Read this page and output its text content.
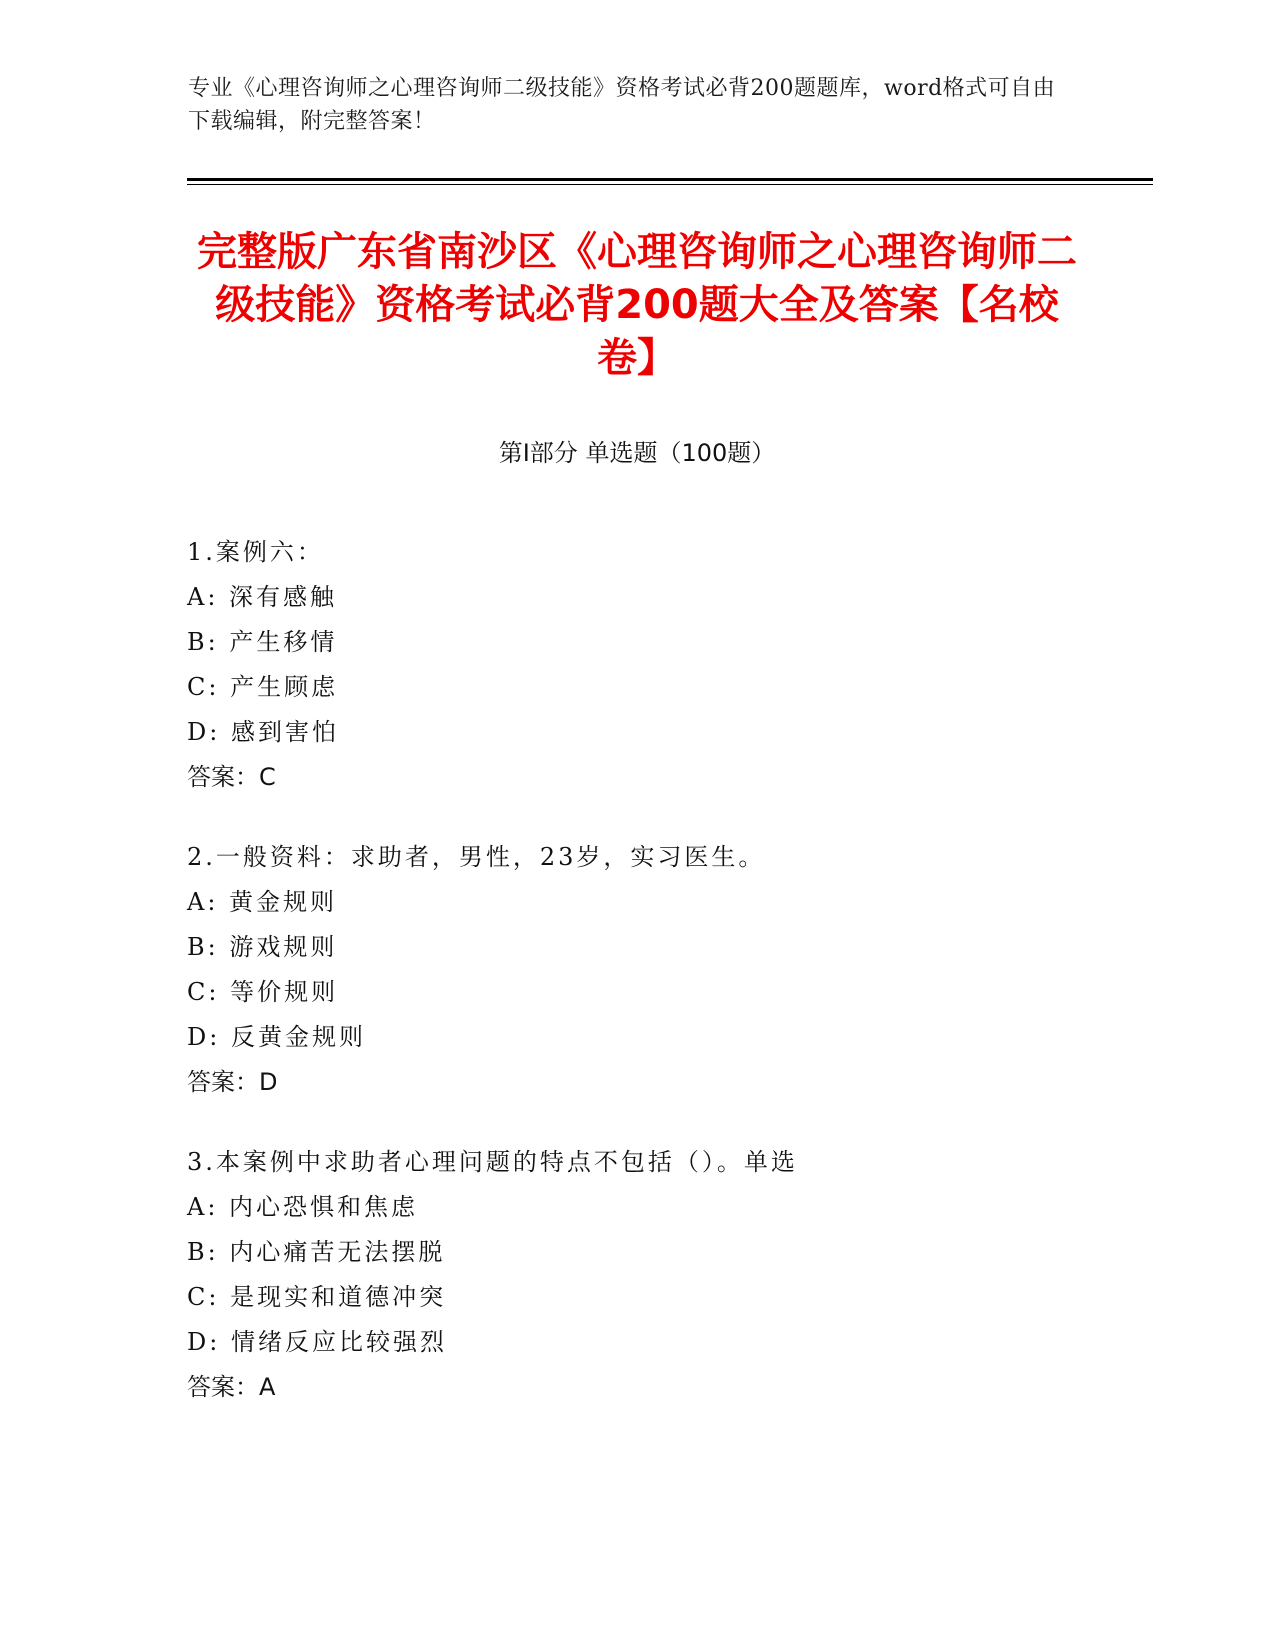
专业《心理咨询师之心理咨询师二级技能》资格考试必背200题题库，word格式可自由下载编辑，附完整答案！
完整版广东省南沙区《心理咨询师之心理咨询师二级技能》资格考试必背200题大全及答案【名校卷】
第I部分 单选题（100题）
1.案例六：
A: 深有感触
B: 产生移情
C: 产生顾虑
D: 感到害怕
答案：C
2.一般资料：求助者，男性，23岁，实习医生。
A: 黄金规则
B: 游戏规则
C: 等价规则
D: 反黄金规则
答案：D
3.本案例中求助者心理问题的特点不包括（）。单选
A: 内心恐惧和焦虑
B: 内心痛苦无法摆脱
C: 是现实和道德冲突
D: 情绪反应比较强烈
答案：A
